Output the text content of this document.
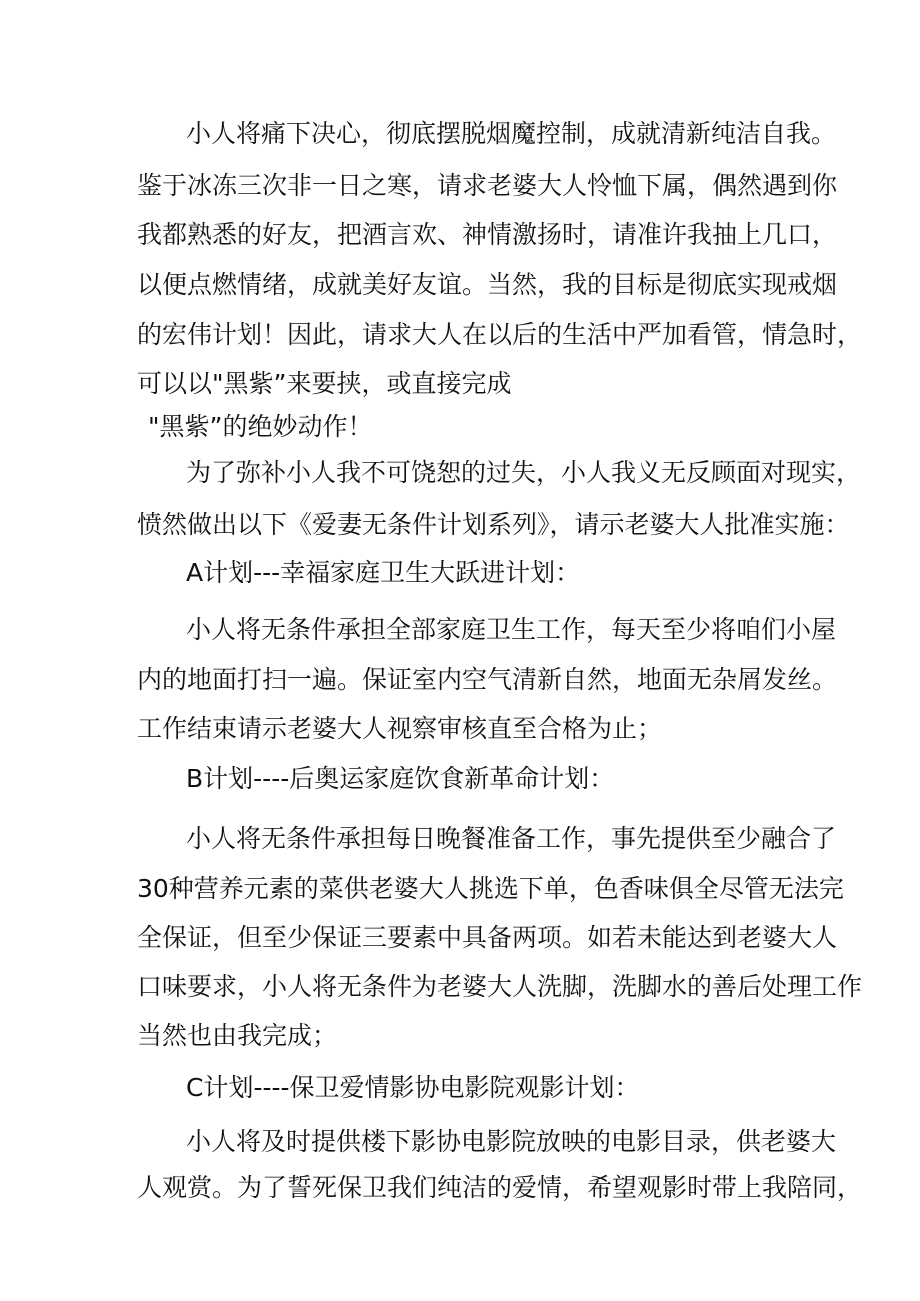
小人将痛下决心，彻底摆脱烟魔控制，成就清新纯洁自我。
鉴于冰冻三次非一日之寒，请求老婆大人怜恤下属，偶然遇到你
我都熟悉的好友，把酒言欢、神情激扬时，请准许我抽上几口，
以便点燃情绪，成就美好友谊。当然，我的目标是彻底实现戒烟
的宏伟计划！因此，请求大人在以后的生活中严加看管，情急时，
可以以"黑紫”来要挟，或直接完成
"黑紫”的绝妙动作！
为了弥补小人我不可饶恕的过失，小人我义无反顾面对现实，
愤然做出以下《爱妻无条件计划系列》，请示老婆大人批准实施：
A计划---幸福家庭卫生大跃进计划：
小人将无条件承担全部家庭卫生工作，每天至少将咱们小屋
内的地面打扫一遍。保证室内空气清新自然，地面无杂屑发丝。
工作结束请示老婆大人视察审核直至合格为止；
B计划----后奥运家庭饮食新革命计划：
小人将无条件承担每日晚餐准备工作，事先提供至少融合了
30种营养元素的菜供老婆大人挑选下单，色香味俱全尽管无法完
全保证，但至少保证三要素中具备两项。如若未能达到老婆大人
口味要求，小人将无条件为老婆大人洗脚，洗脚水的善后处理工作
当然也由我完成；
C计划----保卫爱情影协电影院观影计划：
小人将及时提供楼下影协电影院放映的电影目录，供老婆大
人观赏。为了誓死保卫我们纯洁的爱情，希望观影时带上我陪同，
